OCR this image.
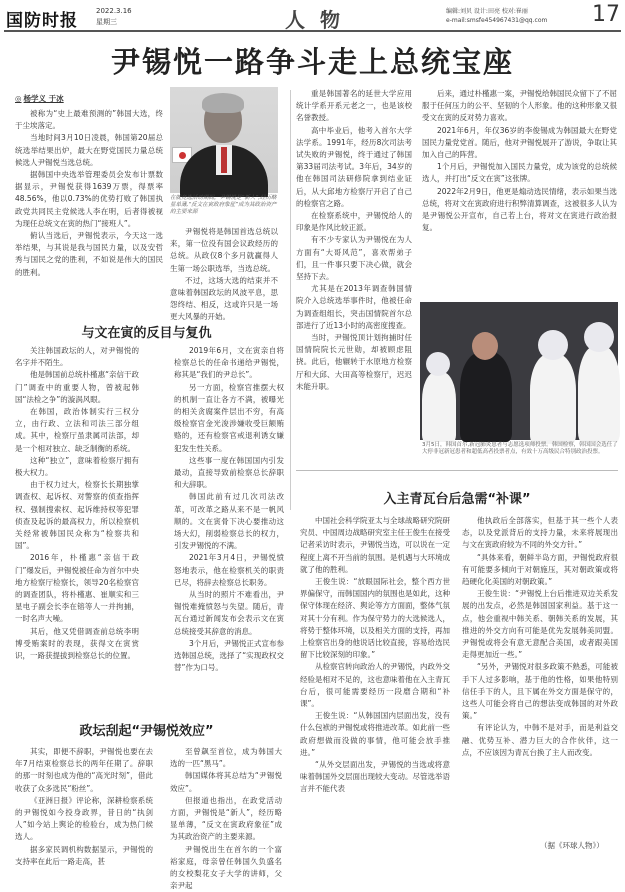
国防时报	2022.3.16
星期三	人 物	编辑:刘贝 设计:田亮 校对:崔丽
e-mail:smsfe454967431@qq.com 17
尹锡悦一路争斗走上总统宝座
◎ 杨学义 于冰

被称为“史上最难预测的”韩国大选，终于尘埃落定。

当地时间3月10日凌晨，韩国第20届总统选举结果出炉，最大在野党国民力量总统候选人尹锡悦当选总统。

据韩国中央选举管理委员会发布计票数据显示，尹锡悦获得1639万票，得票率48.56%，他以0.73%的优势打败了韩国执政党共同民主党候选人李在明，后者得被视为现任总统文在寅的热门“接班人”。

俯认当选后，尹锡悦表示，今天这一选举结果，与其说是我与国民力量，以及安哲秀与国民之党的胜利，不如说是伟大的国民的胜利。

在就竞选活动期间，尹锡悦是“新人”,经历略显单薄,“反文在寅政府象征”成为其政治资产的主要来源

尹锡悦将是韩国首选总统以来，第一位没有国会议政经历的总统。从政仅8个多月就赢得人生第一场公职选举，当选总统。

不过，这场大选的结束并不意味着韩国政坛的风波平息，思怨终结、相反，这或许只是一场更大风暴的开始。

与文在寅的反目与复仇

关注韩国政坛的人，对尹锡悦的名字并不陌生。

他是韩国前总统朴槿惠“亲信干政门”调查中的重要人物，曾被起韩国“法检之争”的漩涡风眼。

在韩国，政治体制实行三权分立，由行政、立法和司法三部分组成。其中，检察厅虽隶属司法部，却是一个相对独立、缺乏制衡的系统。

这种“独立”，意味着检察厅拥有极大权力。

由于权力过大，检察长长期独掌调查权、起诉权、对警察的侦查指挥权、强制搜索权、起诉维持权等犯罪侦查及起诉的最高权力，所以检察机关经常被韩国民众称为“检察共和国”。

2016年，朴槿惠“亲信干政门”爆发后，尹锡悦被任命为首尔中央地方检察厅检察长，领导20名检察官的调查团队，将朴槿惠、崔顺实和三星电子副会长李在镕等人一并拘捕，一时名声大噪。

其后，他又凭借调查前总统李明博受贿案时的表现，获得文在寅赏识，一路获提拔到检察总长的位置。

2019年6月，文在寅亲自将检察总长的任命书递给尹锡悦，称其是“我们的尹总长”。

另一方面，检察官推摆大权的机制一直让各方不满，被曝光的相关贪腐案件层出不穷，有高级检察官金光浚涉嫌收受巨额贿赂的，还有检察官戒退利诱女嫌犯发生性关系。

这些事一度在韩国国内引发最动，直接导致前检察总长辞职和大辞职。

韩国此前有过几次司法改革，可改革之路从来不是一帆风顺的。文在寅骨下决心要推动这场大幻，削弱检察总长的权力，引发尹锡悦的不满。

2021年3月4日，尹锡悦愤怒地表示，他在检察机关的职责已尽，将辞去检察总长职务。

从当时的照片不难看出，尹锡悦难掩愤怒与失望。随后，青瓦台通过新闻发布会表示文在寅总统接受其辞意的消息。

3个月后，尹锡悦正式宣布参选韩国总统，选择了“实现政权交替”作为口号。

重是韩国著名的延世大学应用统计学系开系元老之一，也是该校名誉教授。

高中毕业后，他考入首尔大学法学系。1991年，经历8次司法考试失败的尹锡悦，终于通过了韩国第33届司法考试。3年后，34岁的他在韩国司法研修院拿到结业证后，从大邱地方检察厅开启了自己的检察官之路。

在检察系统中，尹锡悦给人的印象是作风比较正派。

有不少专家认为尹锡悦在为人方面有“大哥风范”，喜欢帮弟子们，且一件事只要下决心做，就会坚持下去。

尤其是在2013年调查韩国情院介入总统选举事件时，他被任命为调查组组长，突击国情院首尔总部进行了近13小时的高密度搜查。

当时，尹锡悦顶计划拘捕时任国情院院长元世勋，却被顾虑阻挠。此后，他辗转于水原地方检察厅和大邱、大田高等检察厅，迟迟未能升职。

后来，通过朴槿惠一案，尹锡悦给韩国民众留下了不屈服于任何压力的公平、坚韧的个人形象。他的这种形象又很受文在寅的反对势力喜欢。

2021年6月，年仅36岁的李俊锡成为韩国最大在野党国民力量党党首。随后，他对尹锡悦展开了游说，争取让其加入自己的阵营。

1个月后，尹锡悦加入国民力量党，成为该党的总统候选人，并打出“反文在寅”这张牌。

2022年2月9日，他更是煽动选民情绪，表示如果当选总统，将对文在寅政府进行积弊清算调查，这被很多人认为是尹锡悦公开宣布，自己若上台，将对文在寅进行政治报复。

3月5日，韩国首尔,新冠肺炎患者与志愿选项师投票。韩国检察，韩国国会选任了大停非冠新冠患者和超低高者投票者点，有效十万高级民合特别政治投票。
入主青瓦台后急需“补课”

中国社会科学院亚太与全球战略研究院研究员、中国周边战略研究室主任王俊生在接受记者采访时表示，尹锡悦当选，可以说在一定程度上离不开当前的氛围。是机遇与大环境成就了他的胜利。

王俊生说：“放眼国际社会，整个西方世界偏保守，而韩国国内的氛围也是如此，这种保守体现在经济、舆论等方方面面，整体气氛对其十分有利。作为保守势力的大选候选人，将势于整体环境，以及相关方面的支持，再加上检察官出身的他说话比较直接，容易给选民留下比较深刻的印象。”

从检察官转向政治人的尹锡悦，内政外交经验是相对不足的，这也意味着他在入主青瓦台后，很可能需要经历一段磨合期和“补课”。

王俊生说：“从韩国国内层面出发，没有什么包袱的尹锡悦或将推进改革。如此前一些政府想做而没做的事情，他可能会放手推进。”

“从外交层面出发，尹锡悦的当选或将意味着韩国外交层面出现较大变动。尽管选举语言并不能代表

他执政后全部落实，但基于其一些个人表态，以及党派背后的支持力量，未来将展现出与文在寅政府较为不同的外交方针。”

“具体来看，朝鲜半岛方面，尹锡悦政府很有可能要多倾向于对朝施压，其对朝政策或将趋硬化化美国的对朝政策。”

王俊生说：“尹锡悦上台后推进双边关系发展的出发点，必然是韩国国家利益。基于这一点，他会重视中韩关系、朝韩关系的发展，其推进的外交方向有可能是优先发展韩美同盟。尹锡悦或将会有意无意配合美国，或者跟美国走得更加近一些。”

“另外，尹锡悦对很多政策不熟悉，可能被手下人过多影响，基于他的性格，如果他特别信任手下的人，且下属在外交方面是保守的，这些人可能会将自己的想法变成韩国的对外政策。”

有评论认为，中韩不是对手，而是利益交融、优势互补、潜力巨大的合作伙伴，这一点，不应该因为青瓦台换了主人而改变。

政坛刮起“尹锡悦效应”

其实，即便不辞职，尹锡悦也要在去年7月结束检察总长的两年任期了。辞职的那一时刻也成为他的“高光时刻”，借此收获了众多选民“粉丝”。

《亚洲日报》评论称，深耕检察系统的尹锡悦如今投身政界，昔日的“执剑人”如今站上舆论的检验台，成为热门候选人。

据多家民调机构数据显示，尹锡悦的支持率在此后一路走高，甚

至曾飙至首位，成为韩国大选的一匹“黑马”。

韩国媒体将其总结为“尹锡悦效应”。

但报道也指出，在政党活动方面，尹锡悦是“新人”，经历略显单薄，“反文在寅政府象征”成为其政治资产的主要来源。

尹锡悦出生在首尔的一个富裕家庭，母亲曾任韩国久负盛名的女校梨花女子大学的讲师，父亲尹起

（据《环球人物》）
